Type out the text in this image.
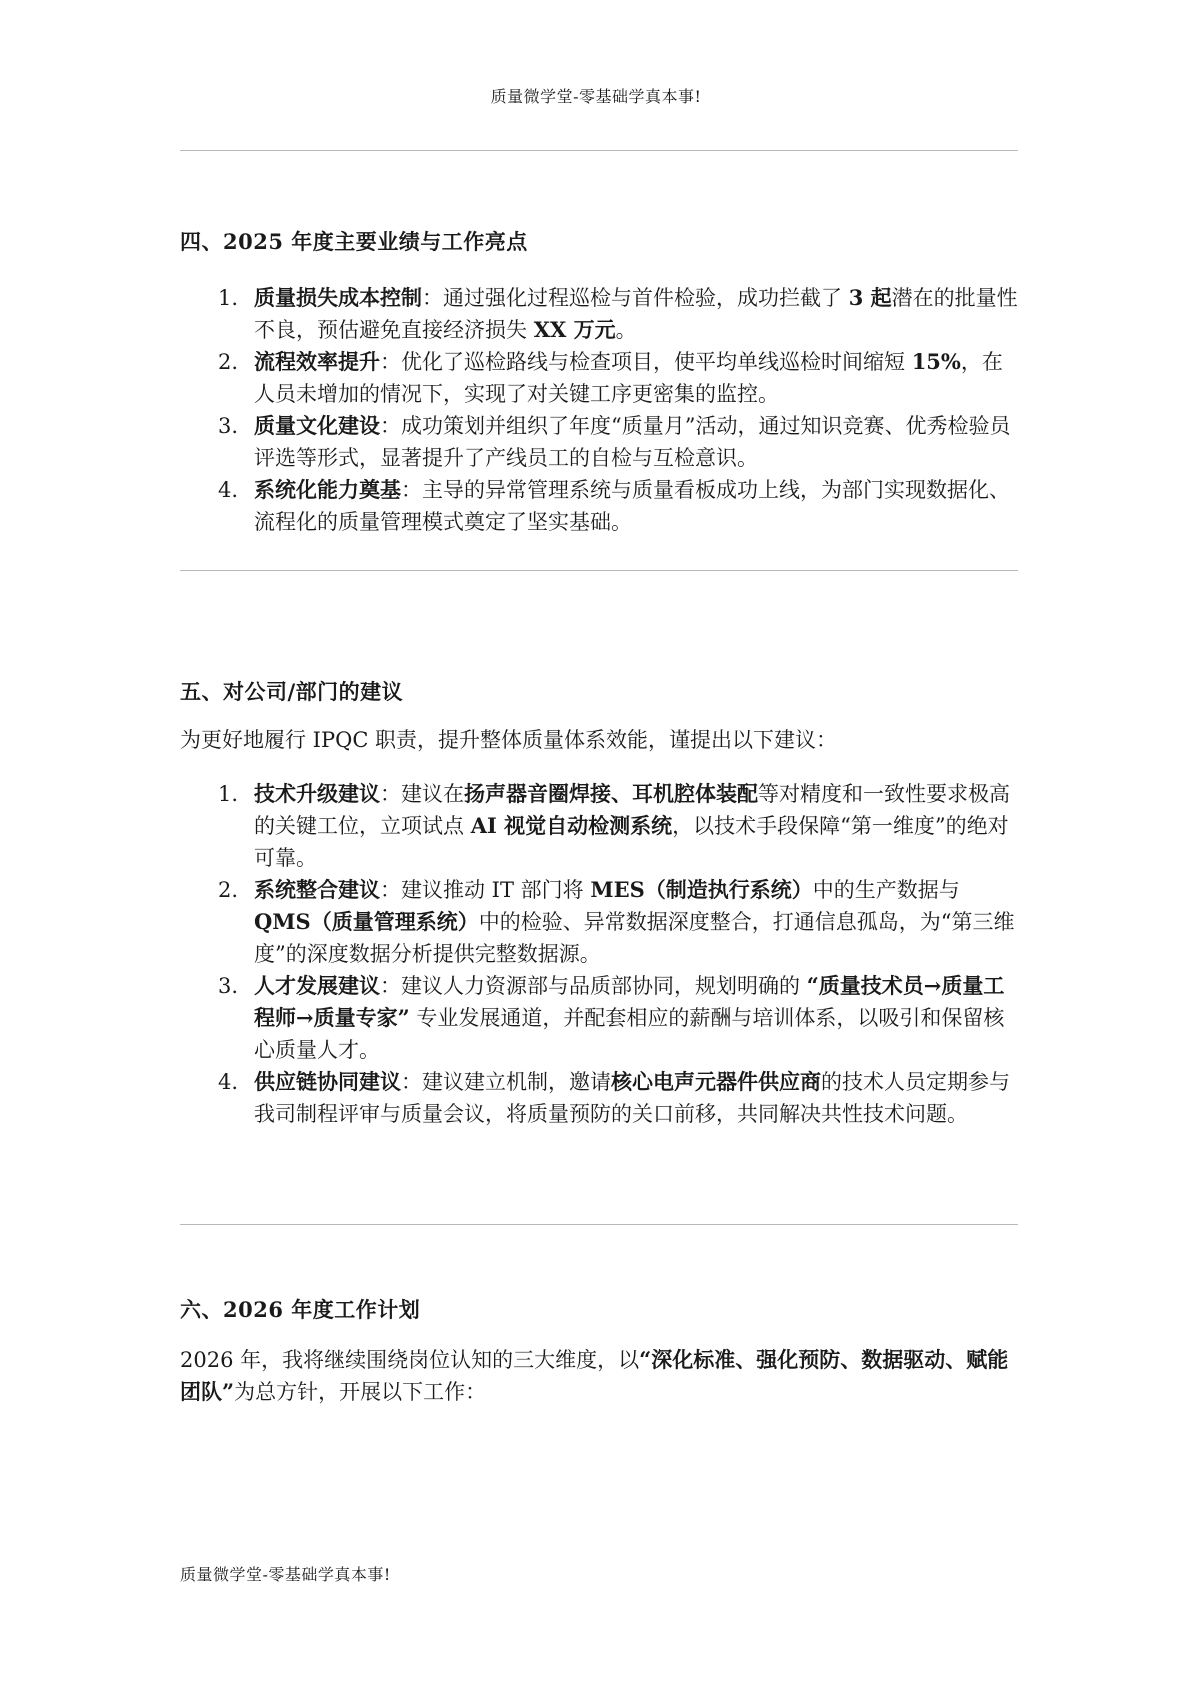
质量微学堂-零基础学真本事!
四、2025 年度主要业绩与工作亮点
1. 质量损失成本控制：通过强化过程巡检与首件检验，成功拦截了 3 起潜在的批量性不良，预估避免直接经济损失 XX 万元。
2. 流程效率提升：优化了巡检路线与检查项目，使平均单线巡检时间缩短 15%，在人员未增加的情况下，实现了对关键工序更密集的监控。
3. 质量文化建设：成功策划并组织了年度“质量月”活动，通过知识竞赛、优秀检验员评选等形式，显著提升了产线员工的自检与互检意识。
4. 系统化能力奠基：主导的异常管理系统与质量看板成功上线，为部门实现数据化、流程化的质量管理模式奠定了坚实基础。
五、对公司/部门的建议

为更好地履行 IPQC 职责，提升整体质量体系效能，谨提出以下建议：

1. 技术升级建议：建议在扬声器音圈焊接、耳机腔体装配等对精度和一致性要求极高的关键工位，立项试点 AI 视觉自动检测系统，以技术手段保障“第一维度”的绝对可靠。
2. 系统整合建议：建议推动 IT 部门将 MES（制造执行系统）中的生产数据与 QMS（质量管理系统）中的检验、异常数据深度整合，打通信息孤岛，为“第三维度”的深度数据分析提供完整数据源。
3. 人才发展建议：建议人力资源部与品质部协同，规划明确的 “质量技术员→质量工程师→质量专家” 专业发展通道，并配套相应的薪酬与培训体系，以吸引和保留核心质量人才。
4. 供应链协同建议：建议建立机制，邀请核心电声元器件供应商的技术人员定期参与我司制程评审与质量会议，将质量预防的关口前移，共同解决共性技术问题。
六、2026 年度工作计划

2026 年，我将继续围绕岗位认知的三大维度，以“深化标准、强化预防、数据驱动、赋能团队”为总方针，开展以下工作：

质量微学堂-零基础学真本事!
